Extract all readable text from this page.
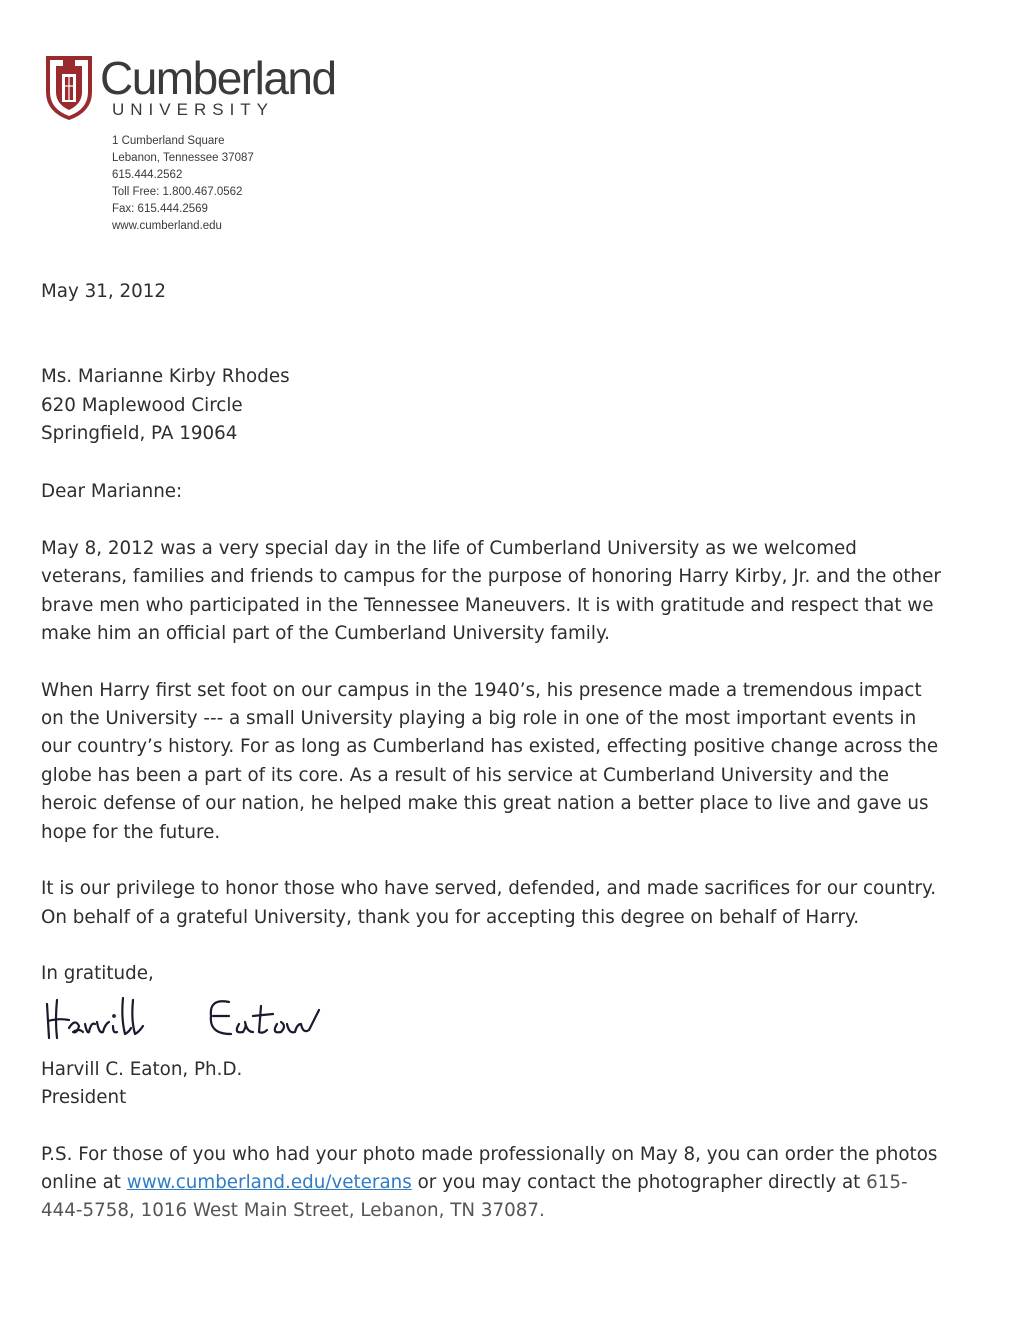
Cumberland
UNIVERSITY
1 Cumberland Square
Lebanon, Tennessee 37087
615.444.2562
Toll Free: 1.800.467.0562
Fax: 615.444.2569
www.cumberland.edu

May 31, 2012

Ms. Marianne Kirby Rhodes

620 Maplewood Circle

Springfield, PA 19064

Dear Marianne:

May 8, 2012 was a very special day in the life of Cumberland University as we welcomed veterans, families and friends to campus for the purpose of honoring Harry Kirby, Jr. and the other brave men who participated in the Tennessee Maneuvers. It is with gratitude and respect that we make him an official part of the Cumberland University family.

When Harry first set foot on our campus in the 1940’s, his presence made a tremendous impact on the University --- a small University playing a big role in one of the most important events in our country’s history. For as long as Cumberland has existed, effecting positive change across the globe has been a part of its core. As a result of his service at Cumberland University and the heroic defense of our nation, he helped make this great nation a better place to live and gave us hope for the future.

It is our privilege to honor those who have served, defended, and made sacrifices for our country. On behalf of a grateful University, thank you for accepting this degree on behalf of Harry.

In gratitude,

Harvill C. Eaton, Ph.D.

President

P.S. For those of you who had your photo made professionally on May 8, you can order the photos online at www.cumberland.edu/veterans or you may contact the photographer directly at 615-444-5758, 1016 West Main Street, Lebanon, TN 37087.
